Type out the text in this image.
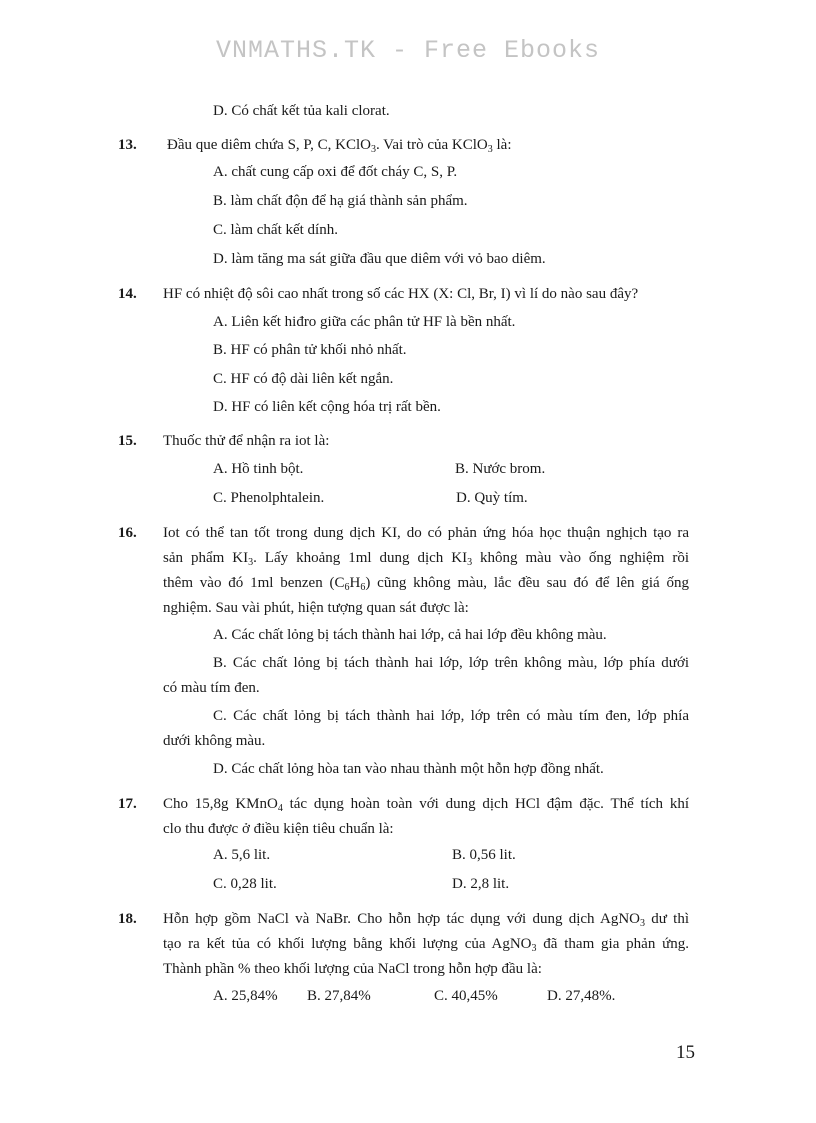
VNMATHS.TK - Free Ebooks
D. Có chất kết tủa kali clorat.
13. Đầu que diêm chứa S, P, C, KClO$_3$. Vai trò của KClO$_3$ là:
A. chất cung cấp oxi để đốt cháy C, S, P.
B. làm chất độn để hạ giá thành sản phẩm.
C. làm chất kết dính.
D. làm tăng ma sát giữa đầu que diêm với vỏ bao diêm.
14. HF có nhiệt độ sôi cao nhất trong số các HX (X: Cl, Br, I) vì lí do nào sau đây?
A. Liên kết hiđro giữa các phân tử HF là bền nhất.
B. HF có phân tử khối nhỏ nhất.
C. HF có độ dài liên kết ngắn.
D. HF có liên kết cộng hóa trị rất bền.
15. Thuốc thử để nhận ra iot là:
A. Hồ tinh bột.	B. Nước brom.
C. Phenolphtalein.	D. Quỳ tím.
16. Iot có thể tan tốt trong dung dịch KI, do có phản ứng hóa học thuận nghịch tạo ra
sản phẩm $KI_3$. Lấy khoảng 1ml dung dịch $KI_3$ không màu vào ống nghiệm rồi
thêm vào đó 1ml benzen $(C_6H_6)$ cũng không màu, lắc đều sau đó để lên giá ống
nghiệm. Sau vài phút, hiện tượng quan sát được là:
A. Các chất lỏng bị tách thành hai lớp, cả hai lớp đều không màu.
B. Các chất lỏng bị tách thành hai lớp, lớp trên không màu, lớp phía dưới
có màu tím đen.
C. Các chất lỏng bị tách thành hai lớp, lớp trên có màu tím đen, lớp phía
dưới không màu.
D. Các chất lỏng hòa tan vào nhau thành một hỗn hợp đồng nhất.
17. Cho 15,8g KMnO$_4$ tác dụng hoàn toàn với dung dịch HCl đậm đặc. Thể tích khí
clo thu được ở điều kiện tiêu chuẩn là:
A. 5,6 lit.	B. 0,56 lit.
C. 0,28 lit.	D. 2,8 lit.
18. Hỗn hợp gồm NaCl và NaBr. Cho hỗn hợp tác dụng với dung dịch AgNO$_3$ dư thì
tạo ra kết tủa có khối lượng bằng khối lượng của AgNO$_3$ đã tham gia phản ứng.
Thành phần % theo khối lượng của NaCl trong hỗn hợp đầu là:
A. 25,84% B. 27,84%	C. 40,45%	D. 27,48%.
15
